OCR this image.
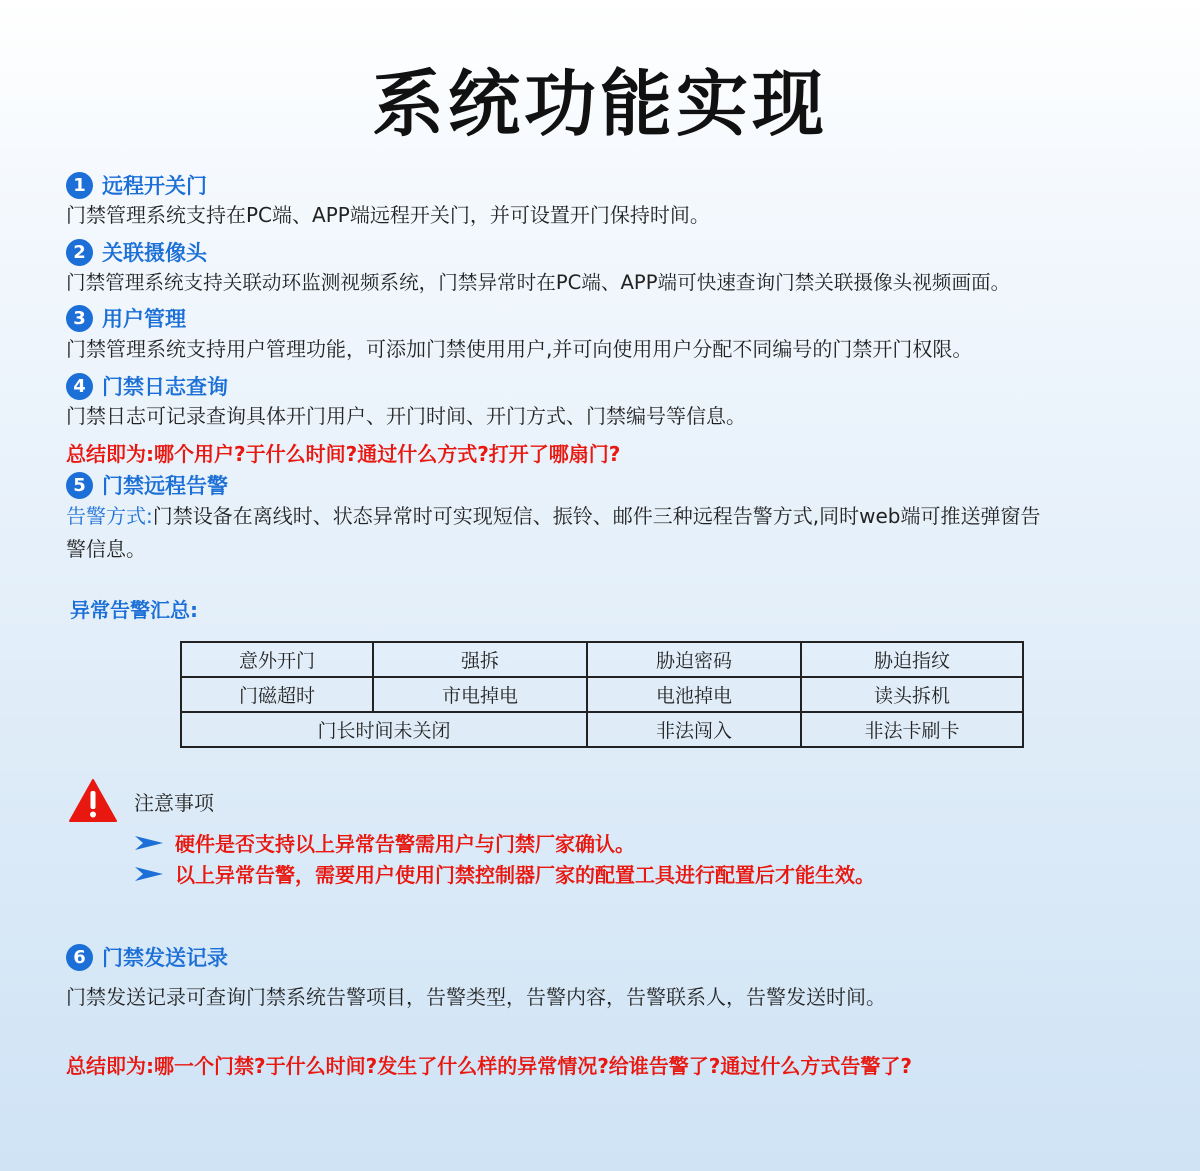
系统功能实现
1 远程开关门
门禁管理系统支持在PC端、APP端远程开关门，并可设置开门保持时间。
2 关联摄像头
门禁管理系统支持关联动环监测视频系统，门禁异常时在PC端、APP端可快速查询门禁关联摄像头视频画面。
3 用户管理
门禁管理系统支持用户管理功能，可添加门禁使用用户,并可向使用用户分配不同编号的门禁开门权限。
4 门禁日志查询
门禁日志可记录查询具体开门用户、开门时间、开门方式、门禁编号等信息。
总结即为:哪个用户?于什么时间?通过什么方式?打开了哪扇门?
5 门禁远程告警
告警方式:门禁设备在离线时、状态异常时可实现短信、振铃、邮件三种远程告警方式,同时web端可推送弹窗告
警信息。
异常告警汇总:
意外开门	强拆	胁迫密码	胁迫指纹
门磁超时	市电掉电	电池掉电	读头拆机
门长时间未关闭		非法闯入	非法卡刷卡
注意事项
硬件是否支持以上异常告警需用户与门禁厂家确认。
以上异常告警，需要用户使用门禁控制器厂家的配置工具进行配置后才能生效。
6 门禁发送记录
门禁发送记录可查询门禁系统告警项目，告警类型，告警内容，告警联系人，告警发送时间。
总结即为:哪一个门禁?于什么时间?发生了什么样的异常情况?给谁告警了?通过什么方式告警了?
